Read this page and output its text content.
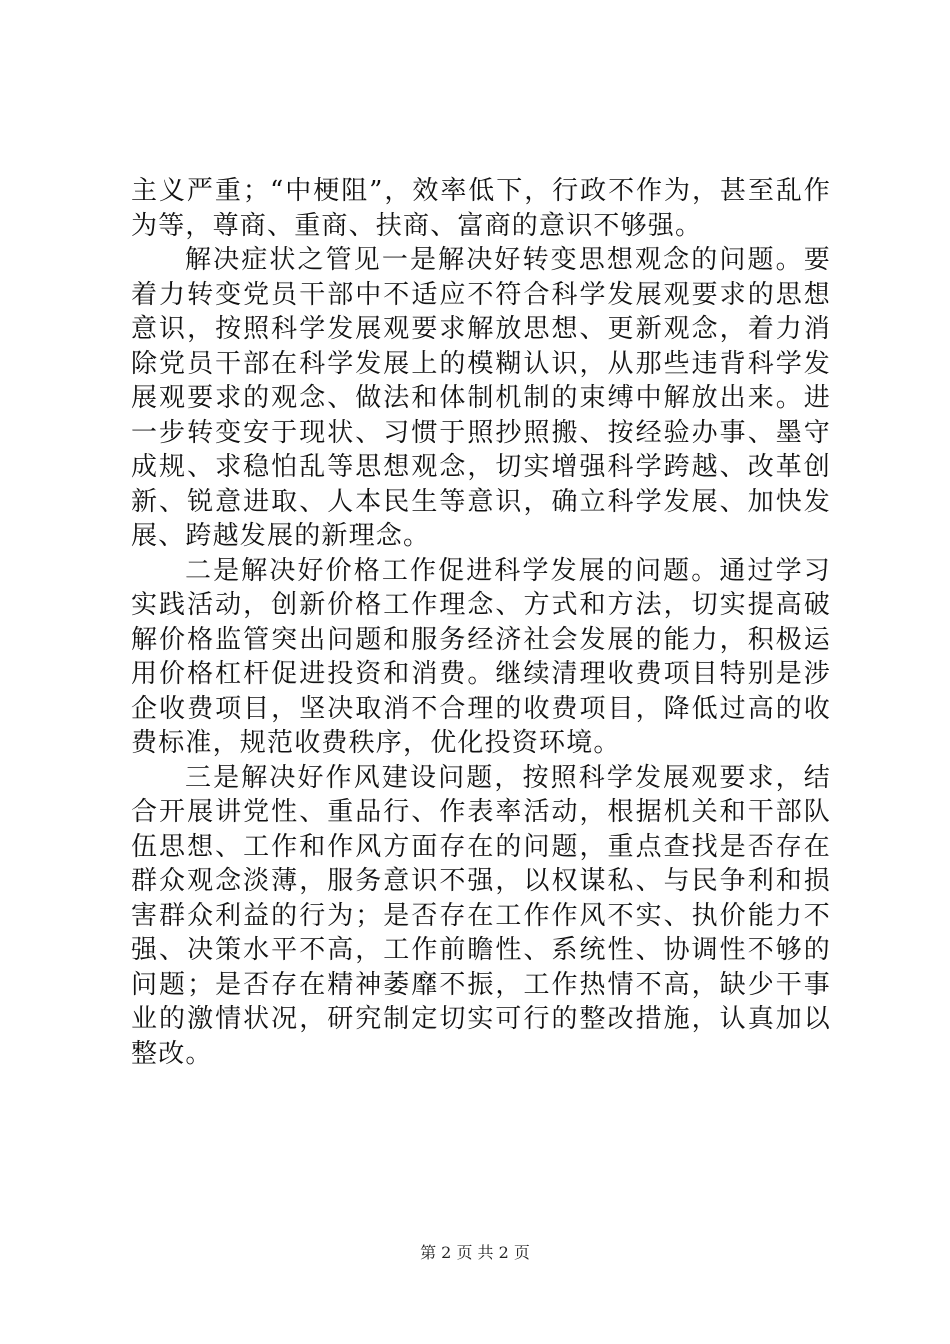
主义严重；“中梗阻”，效率低下，行政不作为，甚至乱作为等，尊商、重商、扶商、富商的意识不够强。

解决症状之管见一是解决好转变思想观念的问题。要着力转变党员干部中不适应不符合科学发展观要求的思想意识，按照科学发展观要求解放思想、更新观念，着力消除党员干部在科学发展上的模糊认识，从那些违背科学发展观要求的观念、做法和体制机制的束缚中解放出来。进一步转变安于现状、习惯于照抄照搬、按经验办事、墨守成规、求稳怕乱等思想观念，切实增强科学跨越、改革创新、锐意进取、人本民生等意识，确立科学发展、加快发展、跨越发展的新理念。

二是解决好价格工作促进科学发展的问题。通过学习实践活动，创新价格工作理念、方式和方法，切实提高破解价格监管突出问题和服务经济社会发展的能力，积极运用价格杠杆促进投资和消费。继续清理收费项目特别是涉企收费项目，坚决取消不合理的收费项目，降低过高的收费标准，规范收费秩序，优化投资环境。

三是解决好作风建设问题，按照科学发展观要求，结合开展讲党性、重品行、作表率活动，根据机关和干部队伍思想、工作和作风方面存在的问题，重点查找是否存在群众观念淡薄，服务意识不强，以权谋私、与民争利和损害群众利益的行为；是否存在工作作风不实、执价能力不强、决策水平不高，工作前瞻性、系统性、协调性不够的问题；是否存在精神萎靡不振，工作热情不高，缺少干事业的激情状况，研究制定切实可行的整改措施，认真加以整改。

第 2 页 共 2 页
